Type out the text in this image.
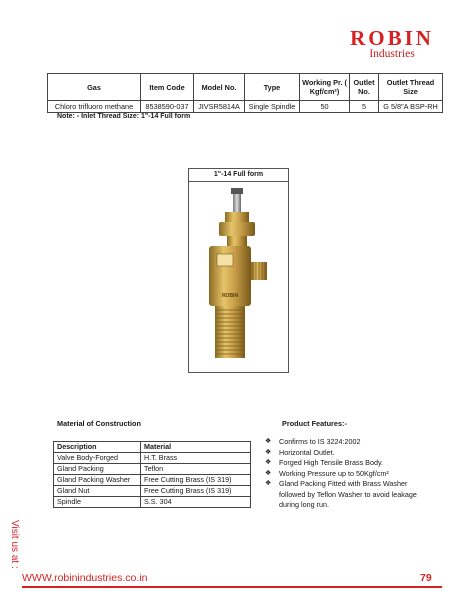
ROBIN
Industries
Gas	Item Code	Model No.	Type	Working Pr. ( Kgf/cm²)	Outlet No.	Outlet Thread Size
Chloro trifluoro methane	8538590-037	JIVSR5814A	Single Spindle	50	5	G 5/8"A BSP-RH
Note: - Inlet Thread Size: 1"-14 Full form
1"-14 Full form
ROBIN
Material of Construction
Description	Material
Valve Body-Forged	H.T. Brass
Gland Packing	Teflon
Gland Packing Washer	Free Cutting Brass (IS 319)
Gland Nut	Free Cutting Brass (IS 319)
Spindle	S.S. 304
Product Features:-
❖ Confirms to IS 3224:2002
❖ Horizontal Outlet.
❖ Forged High Tensile Brass Body.
❖ Working Pressure up to 50Kgf/cm²
❖ Gland Packing Fitted with Brass Washer followed by Teflon Washer to avoid leakage during long run.
Visit us at :
WWW.robinindustries.co.in	79
